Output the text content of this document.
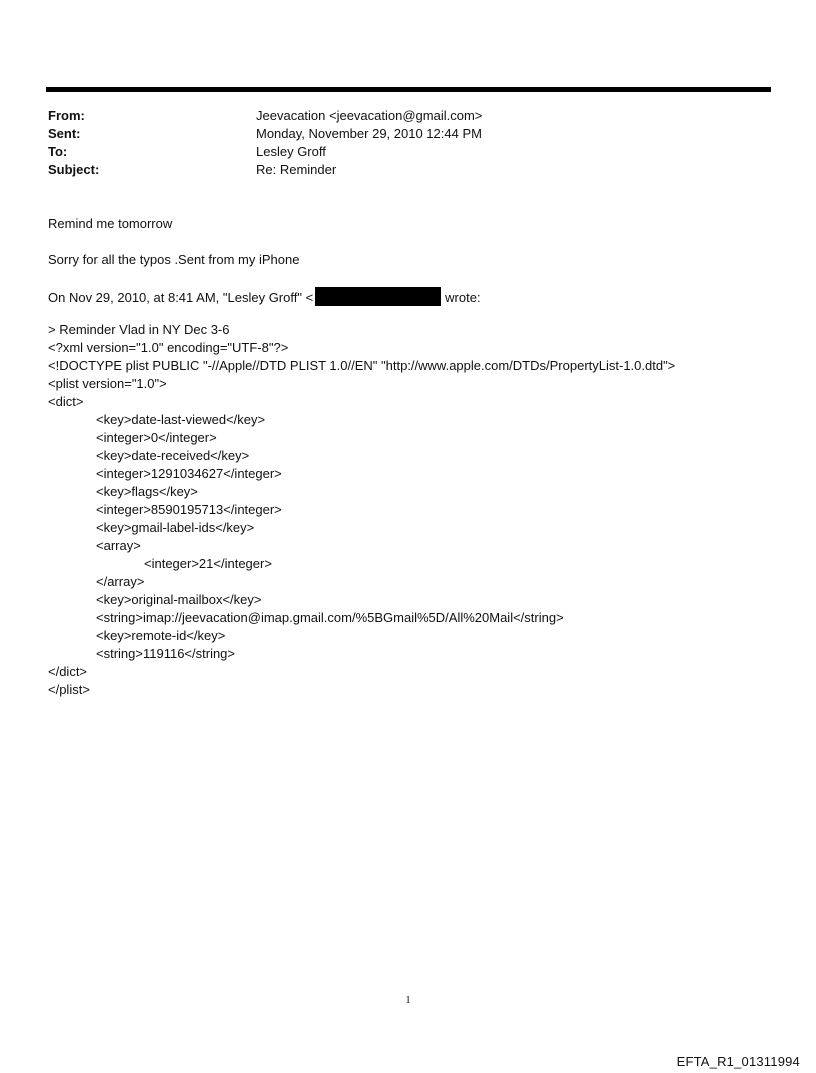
From:	Jeevacation <jeevacation@gmail.com>
Sent:	Monday, November 29, 2010 12:44 PM
To:	Lesley Groff
Subject:	Re: Reminder
Remind me tomorrow
Sorry for all the typos .Sent from my iPhone
On Nov 29, 2010, at 8:41 AM, "Lesley Groff" <	wrote:
> Reminder Vlad in NY Dec 3-6
<?xml version="1.0" encoding="UTF-8"?>
<!DOCTYPE plist PUBLIC "-//Apple//DTD PLIST 1.0//EN" "http://www.apple.com/DTDs/PropertyList-1.0.dtd">
<plist version="1.0">
<dict>
<key>date-last-viewed</key>
<integer>0</integer>
<key>date-received</key>
<integer>1291034627</integer>
<key>flags</key>
<integer>8590195713</integer>
<key>gmail-label-ids</key>
<array>
<integer>21</integer>
</array>
<key>original-mailbox</key>
<string>imap://jeevacation@imap.gmail.com/%5BGmail%5D/All%20Mail</string>
<key>remote-id</key>
<string>119116</string>
</dict>
</plist>
1
EFTA_R1_01311994
